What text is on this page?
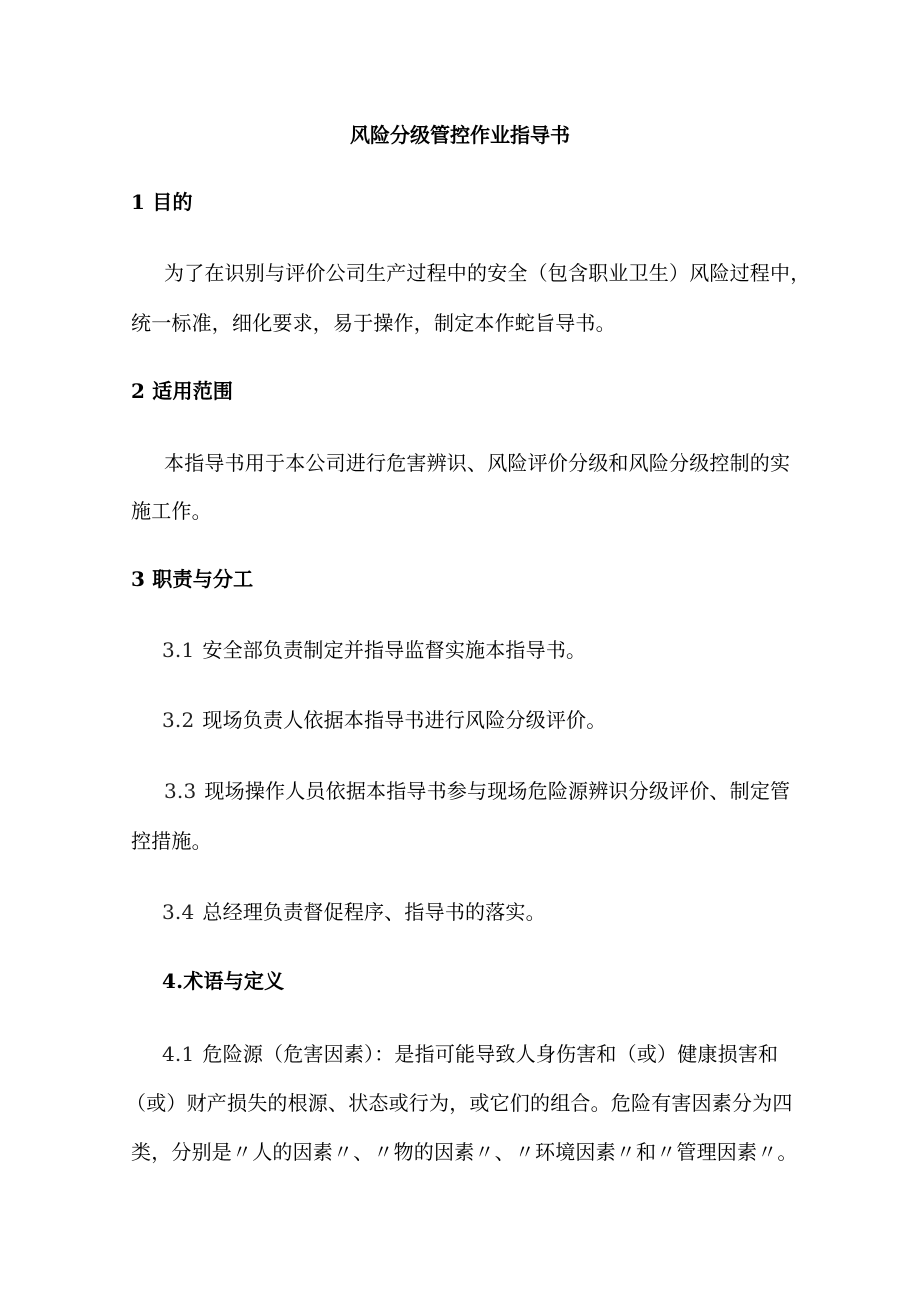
风险分级管控作业指导书
1 目的
为了在识别与评价公司生产过程中的安全（包含职业卫生）风险过程中，
统一标准，细化要求，易于操作，制定本作蛇旨导书。
2 适用范围
本指导书用于本公司进行危害辨识、风险评价分级和风险分级控制的实
施工作。
3 职责与分工
3.1 安全部负责制定并指导监督实施本指导书。
3.2 现场负责人依据本指导书进行风险分级评价。
3.3 现场操作人员依据本指导书参与现场危险源辨识分级评价、制定管
控措施。
3.4 总经理负责督促程序、指导书的落实。
4.术语与定义
4.1 危险源（危害因素）：是指可能导致人身伤害和（或）健康损害和
（或）财产损失的根源、状态或行为，或它们的组合。危险有害因素分为四
类，分别是〃人的因素〃、〃物的因素〃、〃环境因素〃和〃管理因素〃。
